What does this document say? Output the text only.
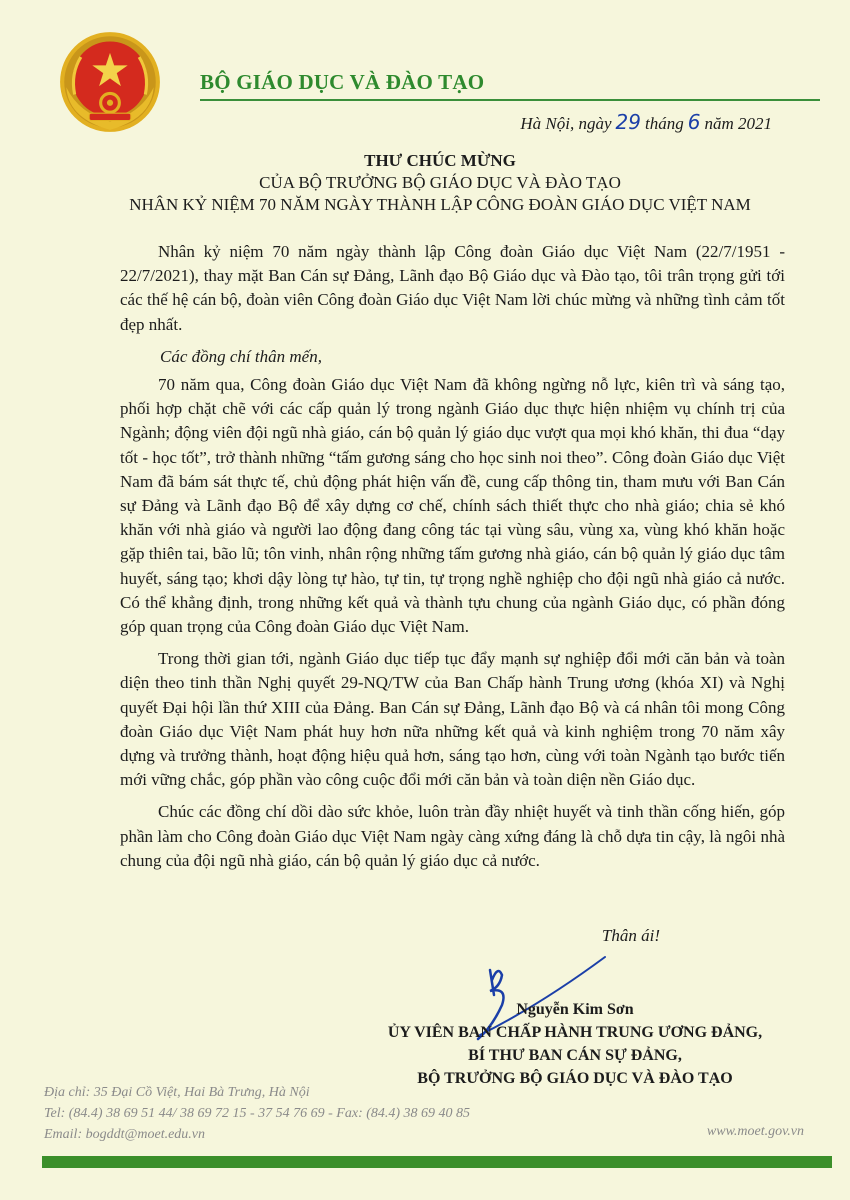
BỘ GIÁO DỤC VÀ ĐÀO TẠO
Hà Nội, ngày 29 tháng 6 năm 2021
THƯ CHÚC MỪNG
CỦA BỘ TRƯỞNG BỘ GIÁO DỤC VÀ ĐÀO TẠO
NHÂN KỶ NIỆM 70 NĂM NGÀY THÀNH LẬP CÔNG ĐOÀN GIÁO DỤC VIỆT NAM

Nhân kỷ niệm 70 năm ngày thành lập Công đoàn Giáo dục Việt Nam (22/7/1951 - 22/7/2021), thay mặt Ban Cán sự Đảng, Lãnh đạo Bộ Giáo dục và Đào tạo, tôi trân trọng gửi tới các thế hệ cán bộ, đoàn viên Công đoàn Giáo dục Việt Nam lời chúc mừng và những tình cảm tốt đẹp nhất.

Các đồng chí thân mến,

70 năm qua, Công đoàn Giáo dục Việt Nam đã không ngừng nỗ lực, kiên trì và sáng tạo, phối hợp chặt chẽ với các cấp quản lý trong ngành Giáo dục thực hiện nhiệm vụ chính trị của Ngành; động viên đội ngũ nhà giáo, cán bộ quản lý giáo dục vượt qua mọi khó khăn, thi đua “dạy tốt - học tốt”, trở thành những “tấm gương sáng cho học sinh noi theo”. Công đoàn Giáo dục Việt Nam đã bám sát thực tế, chủ động phát hiện vấn đề, cung cấp thông tin, tham mưu với Ban Cán sự Đảng và Lãnh đạo Bộ để xây dựng cơ chế, chính sách thiết thực cho nhà giáo; chia sẻ khó khăn với nhà giáo và người lao động đang công tác tại vùng sâu, vùng xa, vùng khó khăn hoặc gặp thiên tai, bão lũ; tôn vinh, nhân rộng những tấm gương nhà giáo, cán bộ quản lý giáo dục tâm huyết, sáng tạo; khơi dậy lòng tự hào, tự tin, tự trọng nghề nghiệp cho đội ngũ nhà giáo cả nước. Có thể khẳng định, trong những kết quả và thành tựu chung của ngành Giáo dục, có phần đóng góp quan trọng của Công đoàn Giáo dục Việt Nam.

Trong thời gian tới, ngành Giáo dục tiếp tục đẩy mạnh sự nghiệp đổi mới căn bản và toàn diện theo tinh thần Nghị quyết 29-NQ/TW của Ban Chấp hành Trung ương (khóa XI) và Nghị quyết Đại hội lần thứ XIII của Đảng. Ban Cán sự Đảng, Lãnh đạo Bộ và cá nhân tôi mong Công đoàn Giáo dục Việt Nam phát huy hơn nữa những kết quả và kinh nghiệm trong 70 năm xây dựng và trưởng thành, hoạt động hiệu quả hơn, sáng tạo hơn, cùng với toàn Ngành tạo bước tiến mới vững chắc, góp phần vào công cuộc đổi mới căn bản và toàn diện nền Giáo dục.

Chúc các đồng chí dồi dào sức khỏe, luôn tràn đầy nhiệt huyết và tinh thần cống hiến, góp phần làm cho Công đoàn Giáo dục Việt Nam ngày càng xứng đáng là chỗ dựa tin cậy, là ngôi nhà chung của đội ngũ nhà giáo, cán bộ quản lý giáo dục cả nước.

Thân ái!
Nguyễn Kim Sơn
ỦY VIÊN BAN CHẤP HÀNH TRUNG ƯƠNG ĐẢNG,
BÍ THƯ BAN CÁN SỰ ĐẢNG,
BỘ TRƯỞNG BỘ GIÁO DỤC VÀ ĐÀO TẠO
Địa chỉ: 35 Đại Cồ Việt, Hai Bà Trưng, Hà Nội
Tel: (84.4) 38 69 51 44/ 38 69 72 15 - 37 54 76 69 - Fax: (84.4) 38 69 40 85
Email: bogddt@moet.edu.vn	www.moet.gov.vn
